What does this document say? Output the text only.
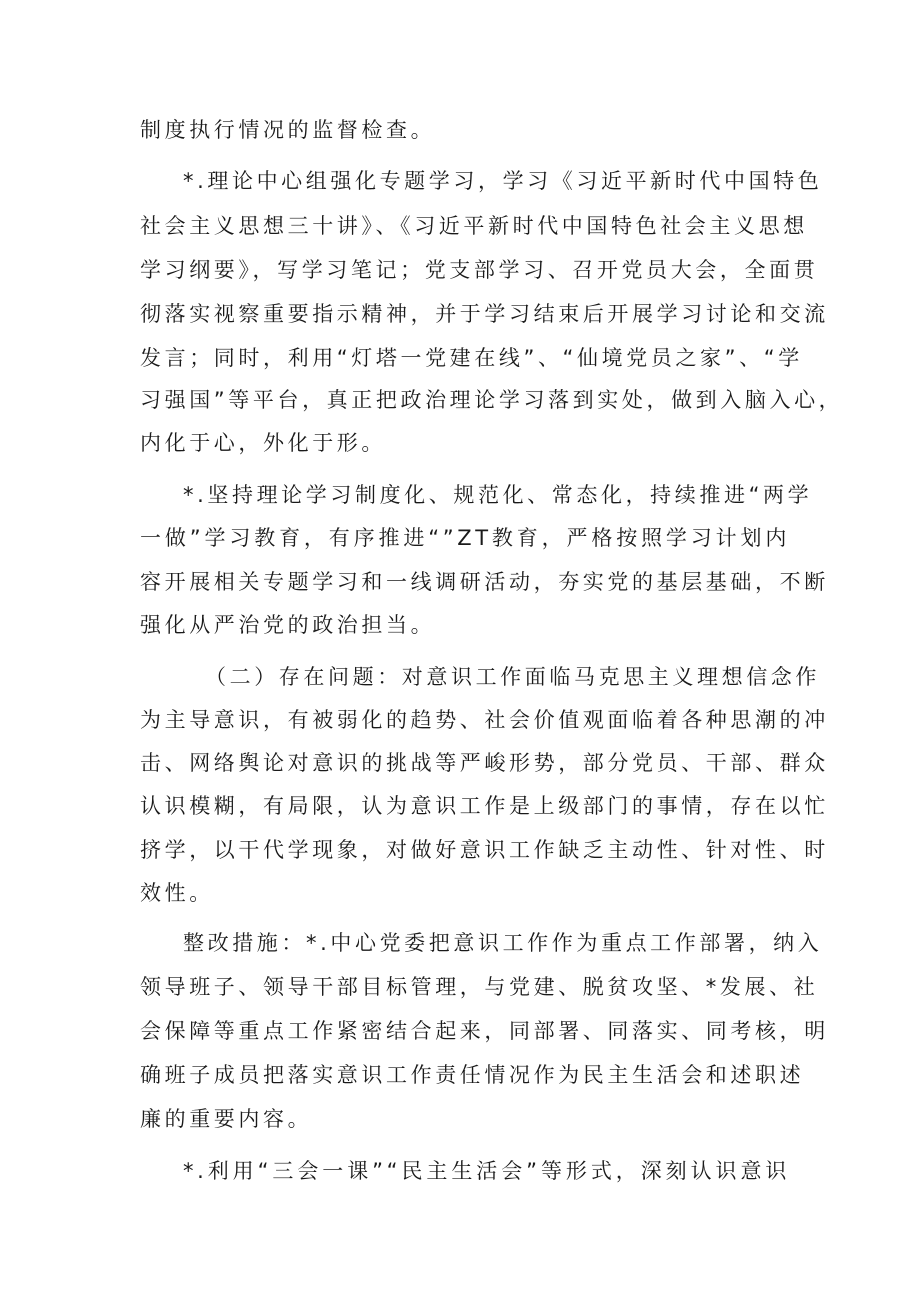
制度执行情况的监督检查。

*.理论中心组强化专题学习，学习《习近平新时代中国特色

社会主义思想三十讲》、《习近平新时代中国特色社会主义思想

学习纲要》，写学习笔记；党支部学习、召开党员大会，全面贯

彻落实视察重要指示精神，并于学习结束后开展学习讨论和交流

发言；同时，利用“灯塔一党建在线”、“仙境党员之家”、“学

习强国”等平台，真正把政治理论学习落到实处，做到入脑入心，

内化于心，外化于形。

*.坚持理论学习制度化、规范化、常态化，持续推进“两学

一做”学习教育，有序推进“”ZT教育，严格按照学习计划内

容开展相关专题学习和一线调研活动，夯实党的基层基础，不断

强化从严治党的政治担当。

（二）存在问题：对意识工作面临马克思主义理想信念作

为主导意识，有被弱化的趋势、社会价值观面临着各种思潮的冲

击、网络舆论对意识的挑战等严峻形势，部分党员、干部、群众

认识模糊，有局限，认为意识工作是上级部门的事情，存在以忙

挤学，以干代学现象，对做好意识工作缺乏主动性、针对性、时

效性。

整改措施：*.中心党委把意识工作作为重点工作部署，纳入

领导班子、领导干部目标管理，与党建、脱贫攻坚、*发展、社

会保障等重点工作紧密结合起来，同部署、同落实、同考核，明

确班子成员把落实意识工作责任情况作为民主生活会和述职述

廉的重要内容。

*.利用“三会一课”“民主生活会”等形式，深刻认识意识
